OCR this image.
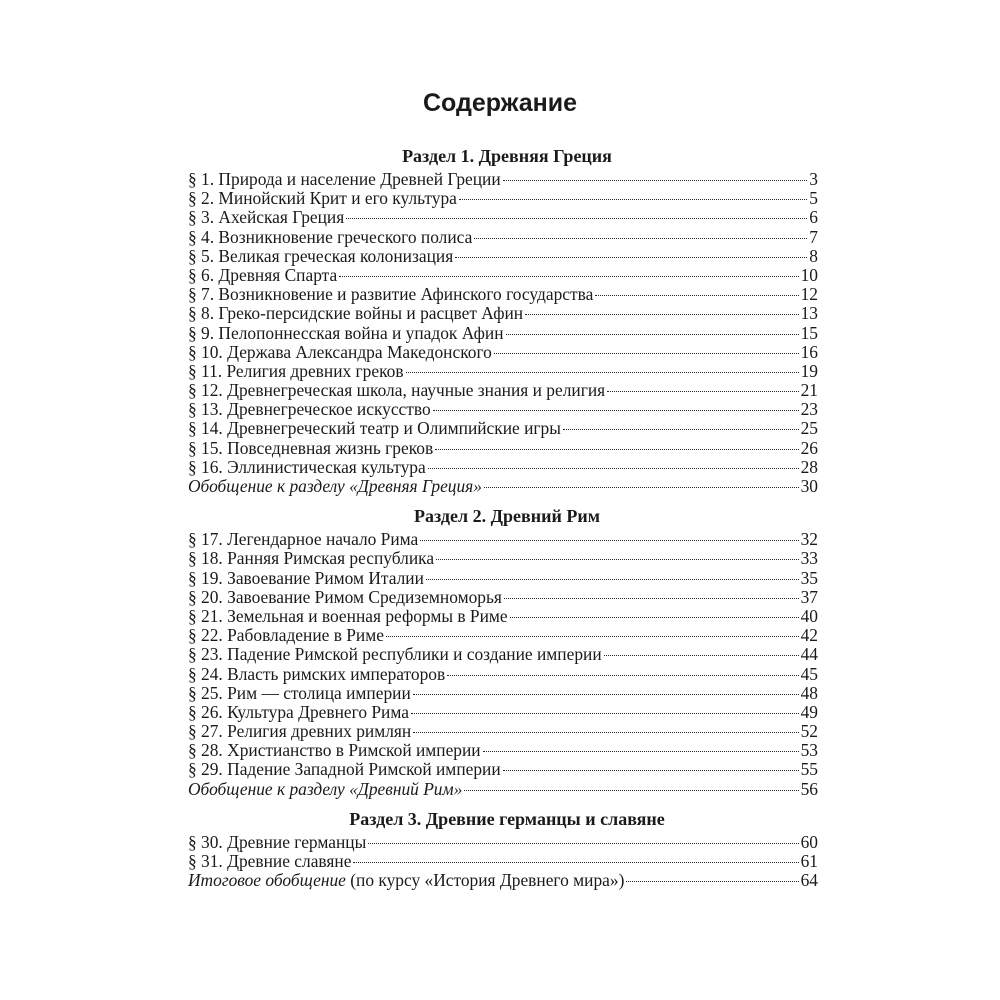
Содержание
Раздел 1. Древняя Греция
§ 1. Природа и население Древней Греции	3
§ 2. Минойский Крит и его культура	5
§ 3. Ахейская Греция	6
§ 4. Возникновение греческого полиса	7
§ 5. Великая греческая колонизация	8
§ 6. Древняя Спарта	10
§ 7. Возникновение и развитие Афинского государства	12
§ 8. Греко-персидские войны и расцвет Афин	13
§ 9. Пелопоннесская война и упадок Афин	15
§ 10. Держава Александра Македонского	16
§ 11. Религия древних греков	19
§ 12. Древнегреческая школа, научные знания и религия	21
§ 13. Древнегреческое искусство	23
§ 14. Древнегреческий театр и Олимпийские игры	25
§ 15. Повседневная жизнь греков	26
§ 16. Эллинистическая культура	28
Обобщение к разделу «Древняя Греция»	30
Раздел 2. Древний Рим
§ 17. Легендарное начало Рима	32
§ 18. Ранняя Римская республика	33
§ 19. Завоевание Римом Италии	35
§ 20. Завоевание Римом Средиземноморья	37
§ 21. Земельная и военная реформы в Риме	40
§ 22. Рабовладение в Риме	42
§ 23. Падение Римской республики и создание империи	44
§ 24. Власть римских императоров	45
§ 25. Рим — столица империи	48
§ 26. Культура Древнего Рима	49
§ 27. Религия древних римлян	52
§ 28. Христианство в Римской империи	53
§ 29. Падение Западной Римской империи	55
Обобщение к разделу «Древний Рим»	56
Раздел 3. Древние германцы и славяне
§ 30. Древние германцы	60
§ 31. Древние славяне	61
Итоговое обобщение (по курсу «История Древнего мира»)	64
